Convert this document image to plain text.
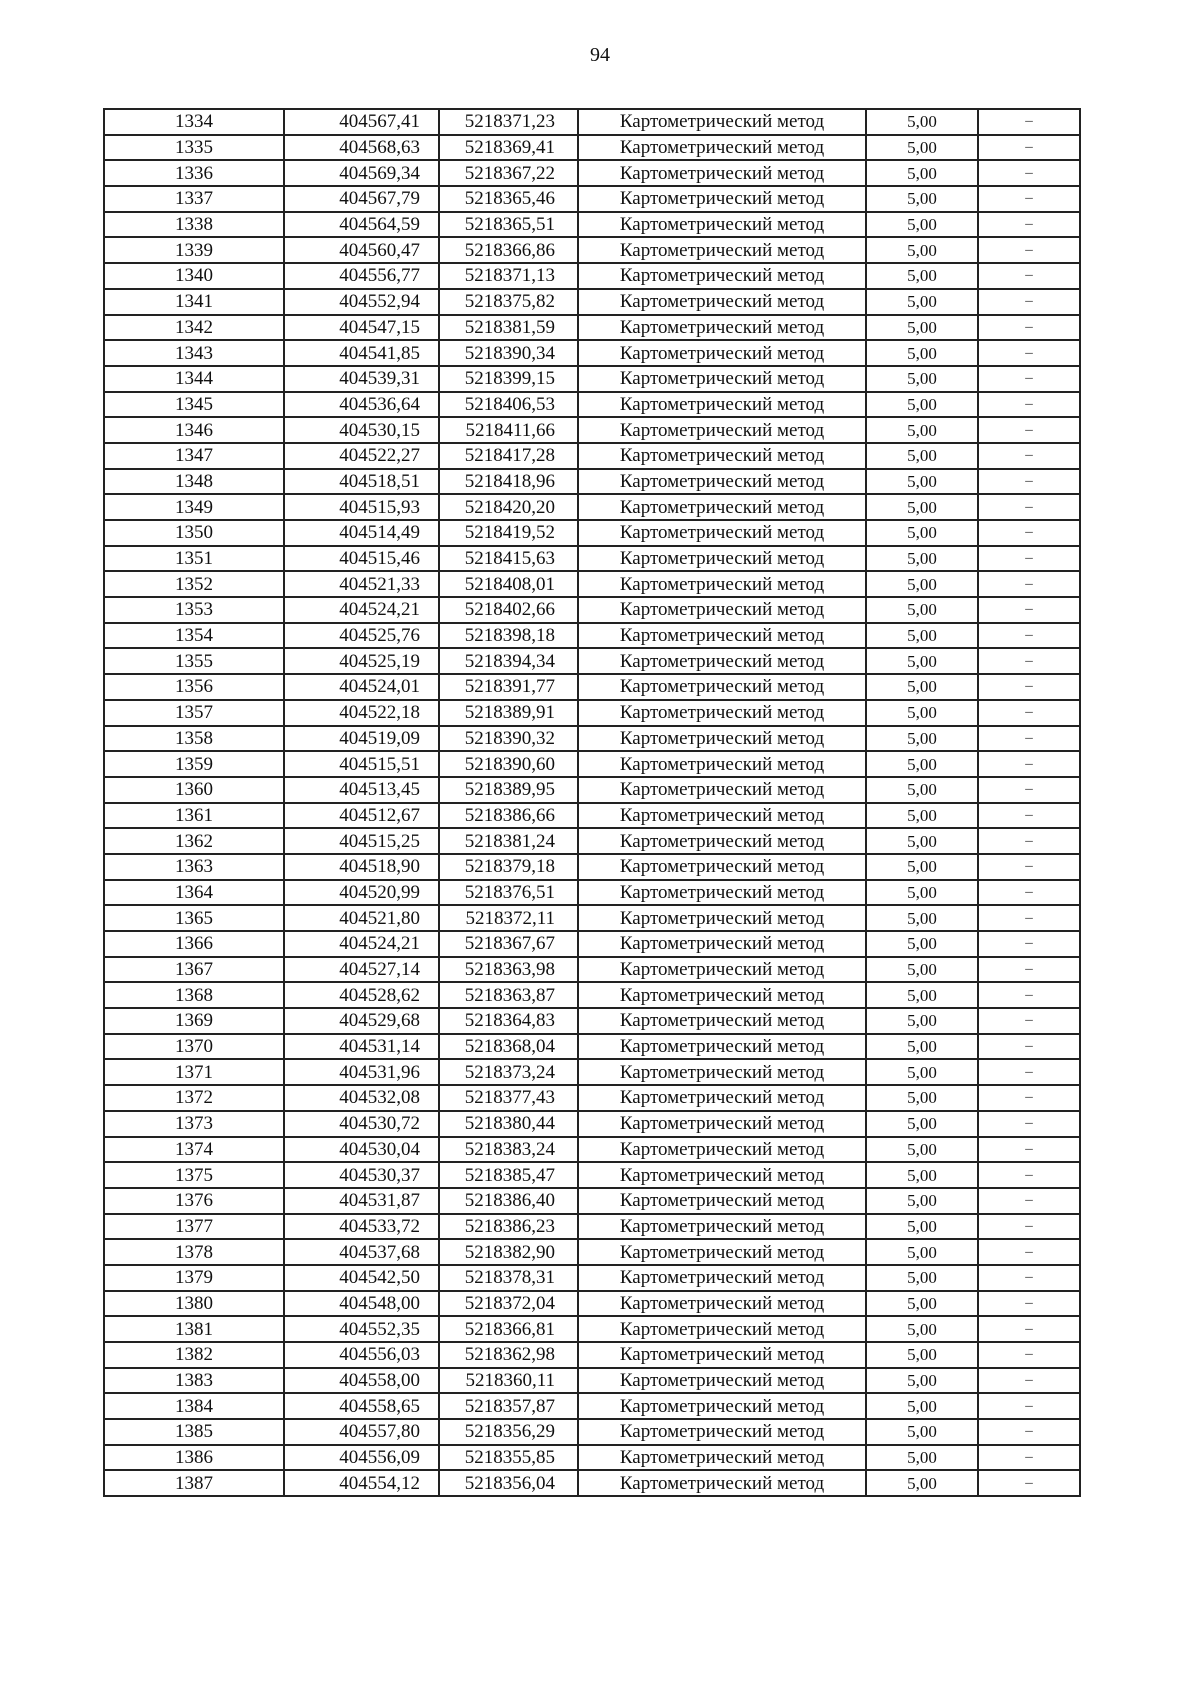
94
1334	404567,41	5218371,23	Картометрический метод	5,00	–
1335	404568,63	5218369,41	Картометрический метод	5,00	–
1336	404569,34	5218367,22	Картометрический метод	5,00	–
1337	404567,79	5218365,46	Картометрический метод	5,00	–
1338	404564,59	5218365,51	Картометрический метод	5,00	–
1339	404560,47	5218366,86	Картометрический метод	5,00	–
1340	404556,77	5218371,13	Картометрический метод	5,00	–
1341	404552,94	5218375,82	Картометрический метод	5,00	–
1342	404547,15	5218381,59	Картометрический метод	5,00	–
1343	404541,85	5218390,34	Картометрический метод	5,00	–
1344	404539,31	5218399,15	Картометрический метод	5,00	–
1345	404536,64	5218406,53	Картометрический метод	5,00	–
1346	404530,15	5218411,66	Картометрический метод	5,00	–
1347	404522,27	5218417,28	Картометрический метод	5,00	–
1348	404518,51	5218418,96	Картометрический метод	5,00	–
1349	404515,93	5218420,20	Картометрический метод	5,00	–
1350	404514,49	5218419,52	Картометрический метод	5,00	–
1351	404515,46	5218415,63	Картометрический метод	5,00	–
1352	404521,33	5218408,01	Картометрический метод	5,00	–
1353	404524,21	5218402,66	Картометрический метод	5,00	–
1354	404525,76	5218398,18	Картометрический метод	5,00	–
1355	404525,19	5218394,34	Картометрический метод	5,00	–
1356	404524,01	5218391,77	Картометрический метод	5,00	–
1357	404522,18	5218389,91	Картометрический метод	5,00	–
1358	404519,09	5218390,32	Картометрический метод	5,00	–
1359	404515,51	5218390,60	Картометрический метод	5,00	–
1360	404513,45	5218389,95	Картометрический метод	5,00	–
1361	404512,67	5218386,66	Картометрический метод	5,00	–
1362	404515,25	5218381,24	Картометрический метод	5,00	–
1363	404518,90	5218379,18	Картометрический метод	5,00	–
1364	404520,99	5218376,51	Картометрический метод	5,00	–
1365	404521,80	5218372,11	Картометрический метод	5,00	–
1366	404524,21	5218367,67	Картометрический метод	5,00	–
1367	404527,14	5218363,98	Картометрический метод	5,00	–
1368	404528,62	5218363,87	Картометрический метод	5,00	–
1369	404529,68	5218364,83	Картометрический метод	5,00	–
1370	404531,14	5218368,04	Картометрический метод	5,00	–
1371	404531,96	5218373,24	Картометрический метод	5,00	–
1372	404532,08	5218377,43	Картометрический метод	5,00	–
1373	404530,72	5218380,44	Картометрический метод	5,00	–
1374	404530,04	5218383,24	Картометрический метод	5,00	–
1375	404530,37	5218385,47	Картометрический метод	5,00	–
1376	404531,87	5218386,40	Картометрический метод	5,00	–
1377	404533,72	5218386,23	Картометрический метод	5,00	–
1378	404537,68	5218382,90	Картометрический метод	5,00	–
1379	404542,50	5218378,31	Картометрический метод	5,00	–
1380	404548,00	5218372,04	Картометрический метод	5,00	–
1381	404552,35	5218366,81	Картометрический метод	5,00	–
1382	404556,03	5218362,98	Картометрический метод	5,00	–
1383	404558,00	5218360,11	Картометрический метод	5,00	–
1384	404558,65	5218357,87	Картометрический метод	5,00	–
1385	404557,80	5218356,29	Картометрический метод	5,00	–
1386	404556,09	5218355,85	Картометрический метод	5,00	–
1387	404554,12	5218356,04	Картометрический метод	5,00	–
